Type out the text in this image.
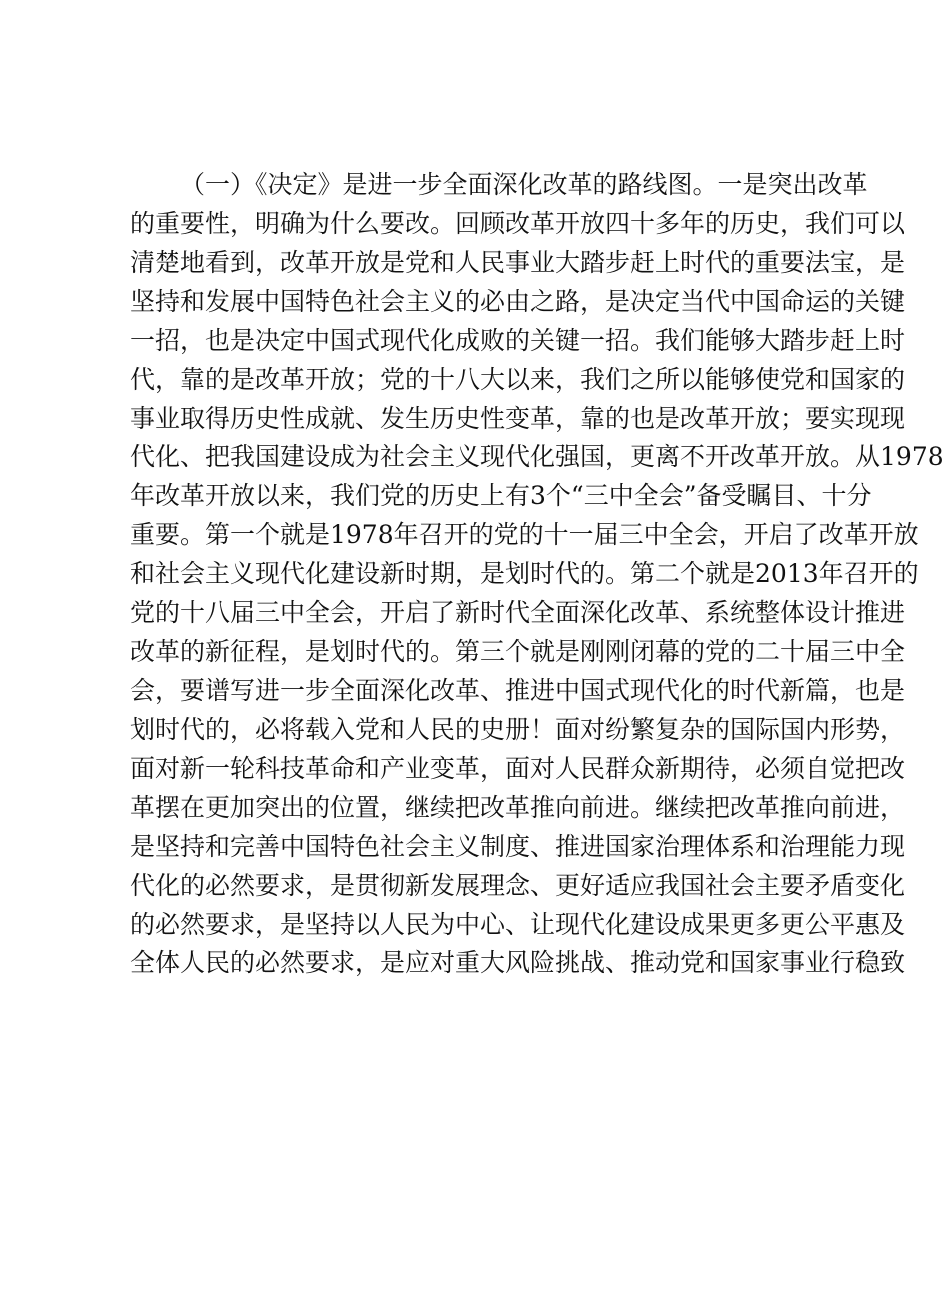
（一）《决定》是进一步全面深化改革的路线图。一是突出改革
的重要性，明确为什么要改。回顾改革开放四十多年的历史，我们可以
清楚地看到，改革开放是党和人民事业大踏步赶上时代的重要法宝，是
坚持和发展中国特色社会主义的必由之路，是决定当代中国命运的关键
一招，也是决定中国式现代化成败的关键一招。我们能够大踏步赶上时
代，靠的是改革开放；党的十八大以来，我们之所以能够使党和国家的
事业取得历史性成就、发生历史性变革，靠的也是改革开放；要实现现
代化、把我国建设成为社会主义现代化强国，更离不开改革开放。从1978
年改革开放以来，我们党的历史上有3个“三中全会”备受瞩目、十分
重要。第一个就是1978年召开的党的十一届三中全会，开启了改革开放
和社会主义现代化建设新时期，是划时代的。第二个就是2013年召开的
党的十八届三中全会，开启了新时代全面深化改革、系统整体设计推进
改革的新征程，是划时代的。第三个就是刚刚闭幕的党的二十届三中全
会，要谱写进一步全面深化改革、推进中国式现代化的时代新篇，也是
划时代的，必将载入党和人民的史册！面对纷繁复杂的国际国内形势，
面对新一轮科技革命和产业变革，面对人民群众新期待，必须自觉把改
革摆在更加突出的位置，继续把改革推向前进。继续把改革推向前进，
是坚持和完善中国特色社会主义制度、推进国家治理体系和治理能力现
代化的必然要求，是贯彻新发展理念、更好适应我国社会主要矛盾变化
的必然要求，是坚持以人民为中心、让现代化建设成果更多更公平惠及
全体人民的必然要求，是应对重大风险挑战、推动党和国家事业行稳致
